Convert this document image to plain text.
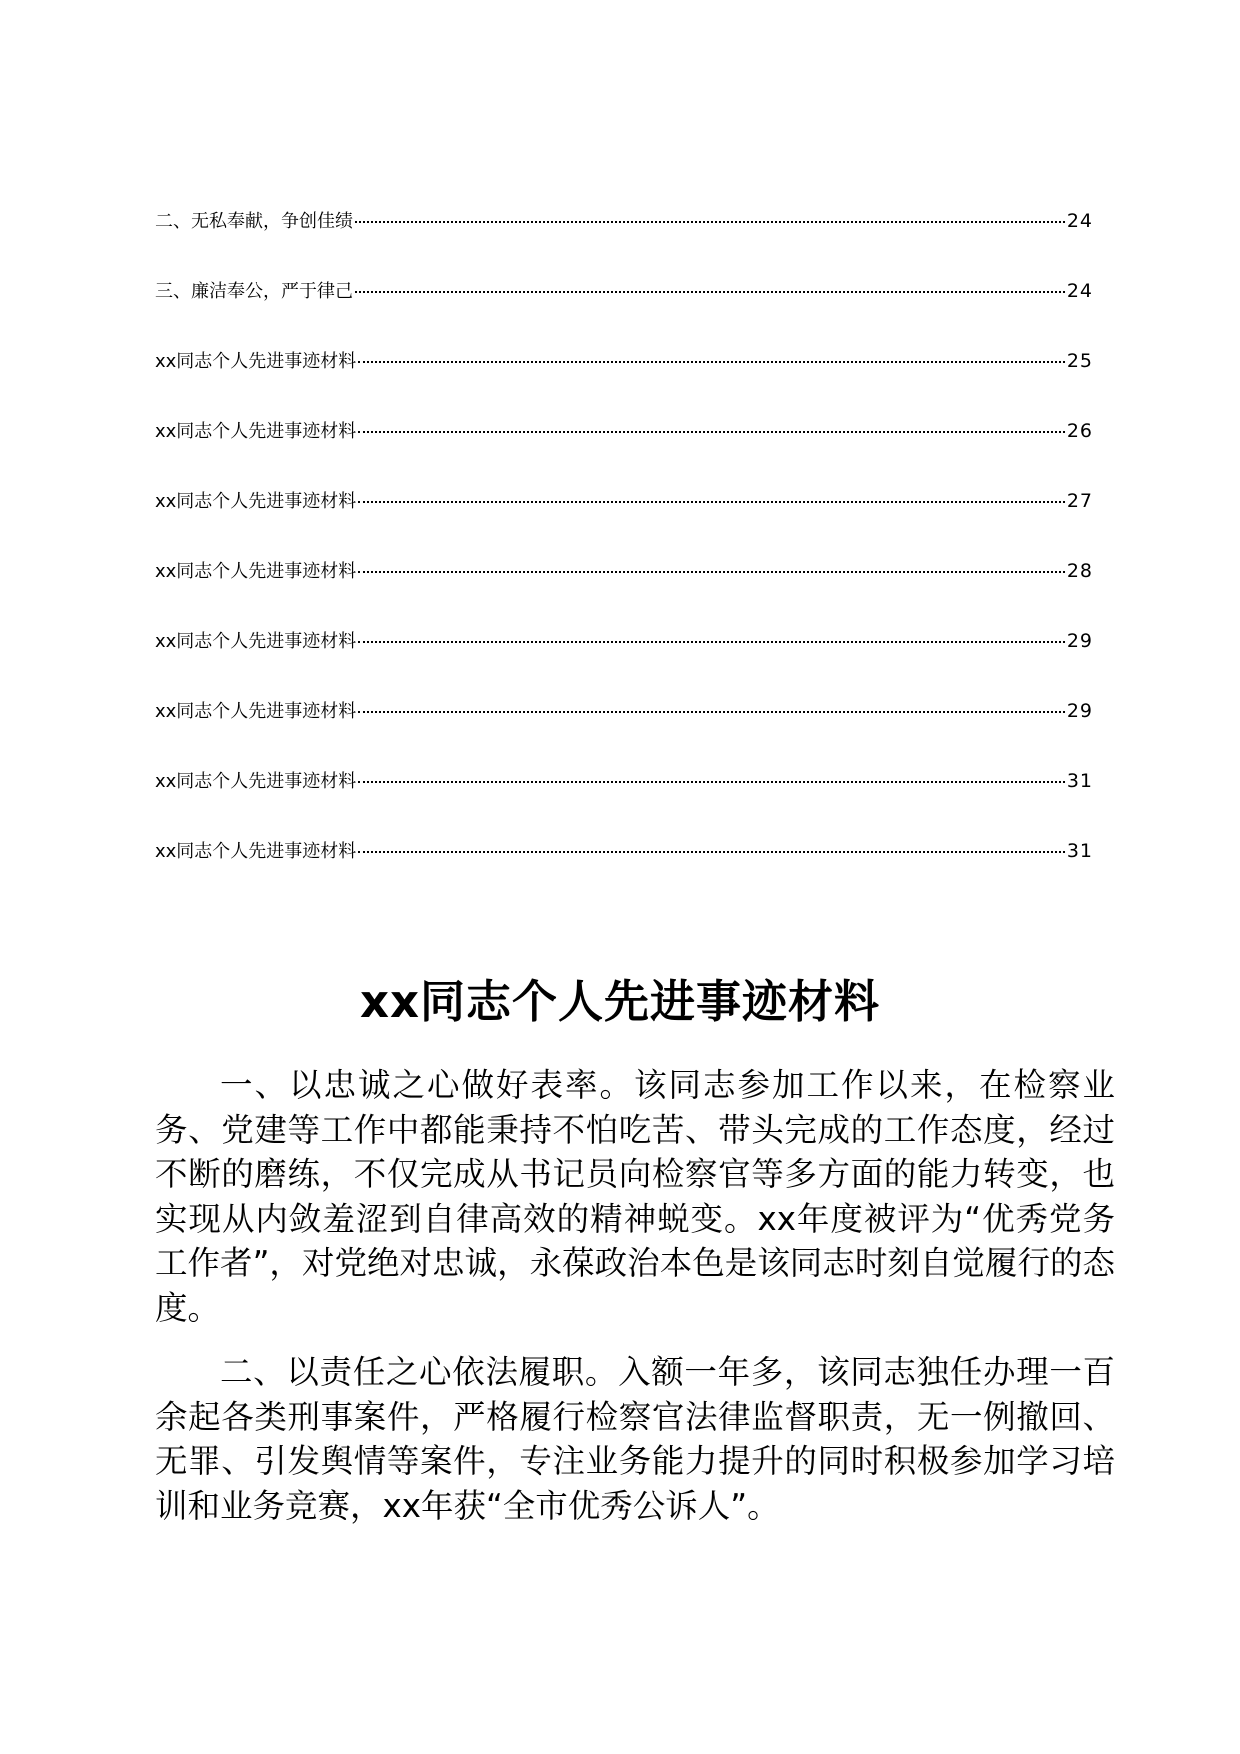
二、无私奉献，争创佳绩	24
三、廉洁奉公，严于律己	24
xx同志个人先进事迹材料	25
xx同志个人先进事迹材料	26
xx同志个人先进事迹材料	27
xx同志个人先进事迹材料	28
xx同志个人先进事迹材料	29
xx同志个人先进事迹材料	29
xx同志个人先进事迹材料	31
xx同志个人先进事迹材料	31
xx同志个人先进事迹材料

一、以忠诚之心做好表率。该同志参加工作以来，在检察业务、党建等工作中都能秉持不怕吃苦、带头完成的工作态度，经过不断的磨练，不仅完成从书记员向检察官等多方面的能力转变，也实现从内敛羞涩到自律高效的精神蜕变。xx年度被评为“优秀党务工作者”，对党绝对忠诚，永葆政治本色是该同志时刻自觉履行的态度。

二、以责任之心依法履职。入额一年多，该同志独任办理一百余起各类刑事案件，严格履行检察官法律监督职责，无一例撤回、无罪、引发舆情等案件，专注业务能力提升的同时积极参加学习培训和业务竞赛，xx年获“全市优秀公诉人”。
